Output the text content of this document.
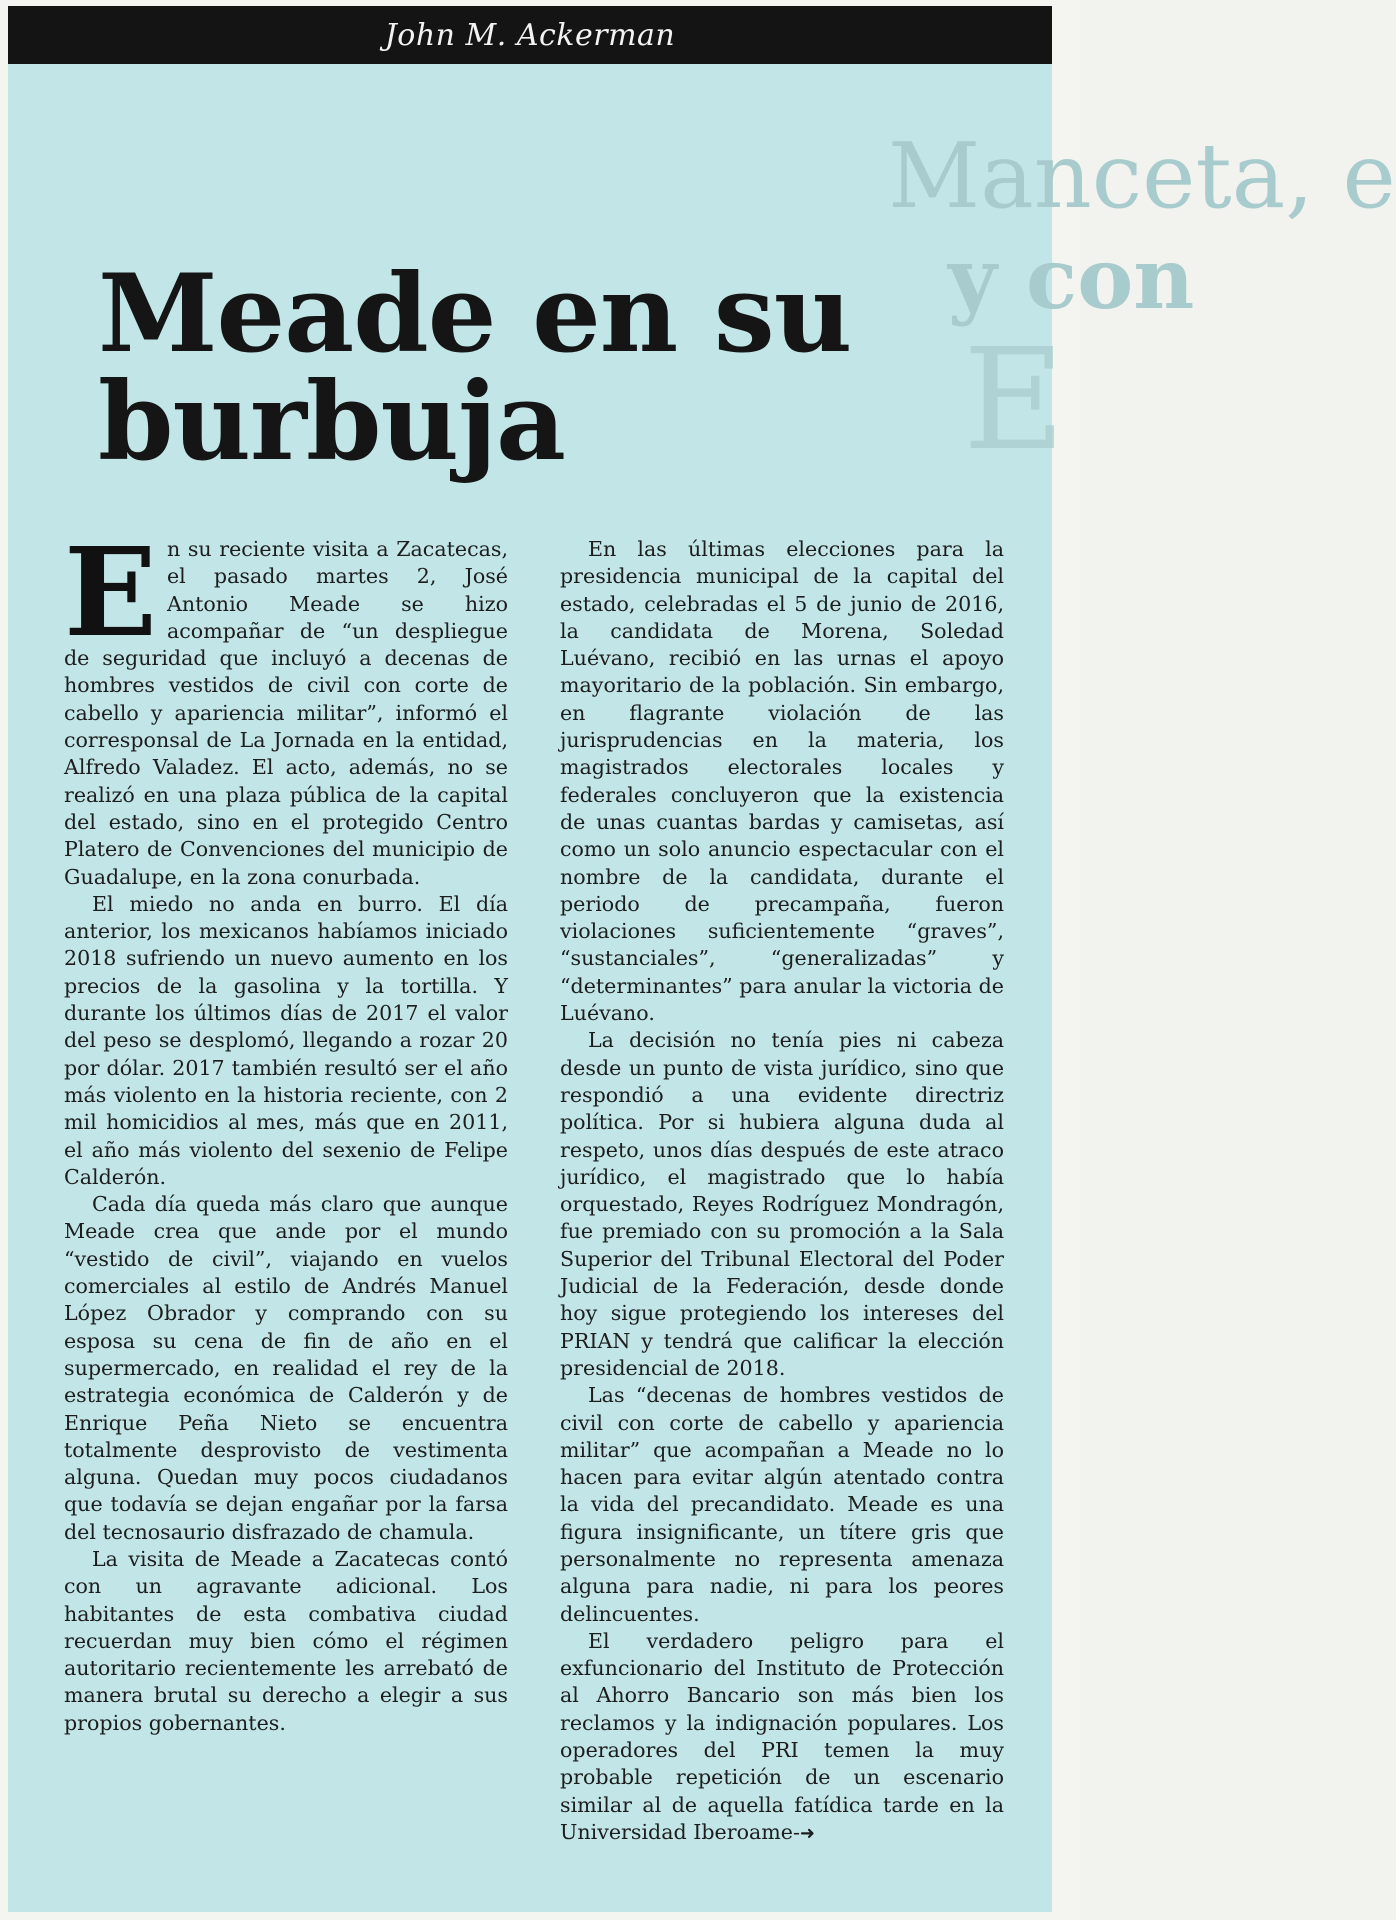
John M. Ackerman
Manceta, e
y con
E
Meade en su burbuja

En su reciente visita a Zacatecas, el pasado martes 2, José Antonio Meade se hizo acompañar de “un despliegue de seguridad que incluyó a decenas de hombres vestidos de civil con corte de cabello y apariencia militar”, informó el corresponsal de La Jornada en la entidad, Alfredo Valadez. El acto, además, no se realizó en una plaza pública de la capital del estado, sino en el protegido Centro Platero de Convenciones del municipio de Guadalupe, en la zona conurbada.

El miedo no anda en burro. El día anterior, los mexicanos habíamos iniciado 2018 sufriendo un nuevo aumento en los precios de la gasolina y la tortilla. Y durante los últimos días de 2017 el valor del peso se desplomó, llegando a rozar 20 por dólar. 2017 también resultó ser el año más violento en la historia reciente, con 2 mil homicidios al mes, más que en 2011, el año más violento del sexenio de Felipe Calderón.

Cada día queda más claro que aunque Meade crea que ande por el mundo “vestido de civil”, viajando en vuelos comerciales al estilo de Andrés Manuel López Obrador y comprando con su esposa su cena de fin de año en el supermercado, en realidad el rey de la estrategia económica de Calderón y de Enrique Peña Nieto se encuentra totalmente desprovisto de vestimenta alguna. Quedan muy pocos ciudadanos que todavía se dejan engañar por la farsa del tecnosaurio disfrazado de chamula.

La visita de Meade a Zacatecas contó con un agravante adicional. Los habitantes de esta combativa ciudad recuerdan muy bien cómo el régimen autoritario recientemente les arrebató de manera brutal su derecho a elegir a sus propios gobernantes.

En las últimas elecciones para la presidencia municipal de la capital del estado, celebradas el 5 de junio de 2016, la candidata de Morena, Soledad Luévano, recibió en las urnas el apoyo mayoritario de la población. Sin embargo, en flagrante violación de las jurisprudencias en la materia, los magistrados electorales locales y federales concluyeron que la existencia de unas cuantas bardas y camisetas, así como un solo anuncio espectacular con el nombre de la candidata, durante el periodo de precampaña, fueron violaciones suficientemente “graves”, “sustanciales”, “generalizadas” y “determinantes” para anular la victoria de Luévano.

La decisión no tenía pies ni cabeza desde un punto de vista jurídico, sino que respondió a una evidente directriz política. Por si hubiera alguna duda al respeto, unos días después de este atraco jurídico, el magistrado que lo había orquestado, Reyes Rodríguez Mondragón, fue premiado con su promoción a la Sala Superior del Tribunal Electoral del Poder Judicial de la Federación, desde donde hoy sigue protegiendo los intereses del PRIAN y tendrá que calificar la elección presidencial de 2018.

Las “decenas de hombres vestidos de civil con corte de cabello y apariencia militar” que acompañan a Meade no lo hacen para evitar algún atentado contra la vida del precandidato. Meade es una figura insignificante, un títere gris que personalmente no representa amenaza alguna para nadie, ni para los peores delincuentes.

El verdadero peligro para el exfuncionario del Instituto de Protección al Ahorro Bancario son más bien los reclamos y la indignación populares. Los operadores del PRI temen la muy probable repetición de un escenario similar al de aquella fatídica tarde en la Universidad Iberoame-➜
